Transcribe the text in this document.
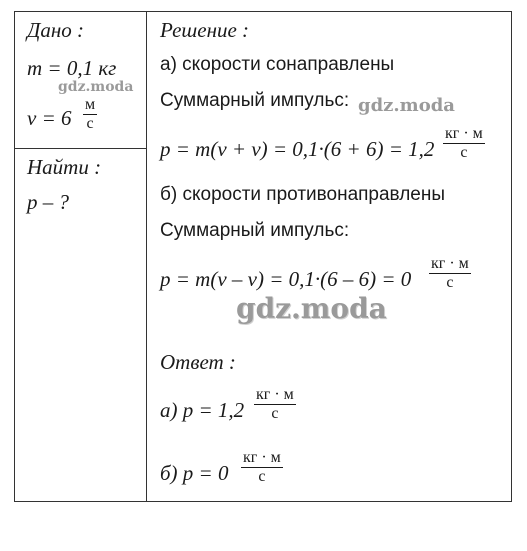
Дано :
m = 0,1 кг
gdz.moda
v = 6
м
с
Найти :
p – ?
Решение :
а) скорости сонаправлены
Суммарный импульс: gdz.moda
p = m(v + v) = 0,1·(6 + 6) = 1,2
кг · м
с
б) скорости противонаправлены
Суммарный импульс:
p = m(v – v) = 0,1·(6 – 6) = 0
кг · м
с
gdz.moda
Ответ :
а) p = 1,2
кг · м
с
б) p = 0
кг · м
с
